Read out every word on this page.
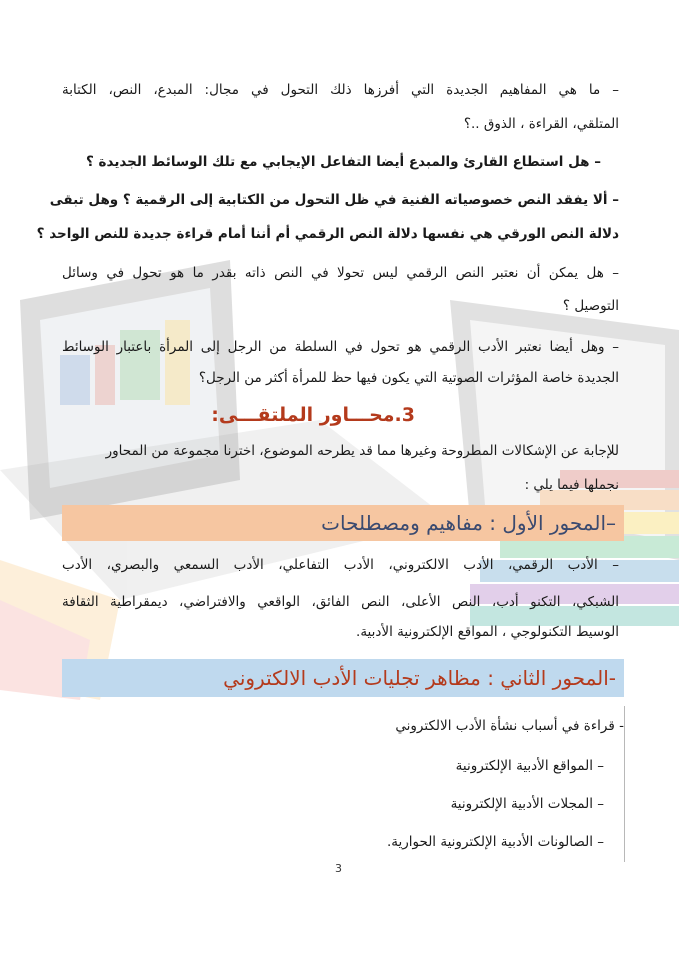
– ما هي المفاهيم الجديدة التي أفرزها ذلك التحول في مجال: المبدع، النص، الكتابة
المتلقي، القراءة ، الذوق ..؟
– هل استطاع القارئ والمبدع أيضا التفاعل الإيجابي مع تلك الوسائط الجديدة ؟
– ألا يفقد النص خصوصياته الفنية في ظل التحول من الكتابية إلى الرقمية ؟ وهل تبقى
دلالة النص الورقي هي نفسها دلالة النص الرقمي أم أننا أمام قراءة جديدة للنص الواحد ؟
– هل يمكن أن نعتبر النص الرقمي ليس تحولا في النص ذاته بقدر ما هو تحول في وسائل
التوصيل ؟
– وهل أيضا نعتبر الأدب الرقمي هو تحول في السلطة من الرجل إلى المرأة باعتبار الوسائط
الجديدة خاصة المؤثرات الصوتية التي يكون فيها حظ للمرأة أكثر من الرجل؟
3.محـــاور الملتقـــى:
للإجابة عن الإشكالات المطروحة وغيرها مما قد يطرحه الموضوع، اخترنا مجموعة من المحاور
نجملها فيما يلي :
–المحور الأول : مفاهيم ومصطلحات
– الأدب الرقمي، الأدب الالكتروني، الأدب التفاعلي، الأدب السمعي والبصري، الأدب
الشبكي، التكنو أدب، النص الأعلى، النص الفائق، الواقعي والافتراضي، ديمقراطية الثقافة
الوسيط التكنولوجي ، المواقع الإلكترونية الأدبية.
-المحور الثاني : مظاهر تجليات الأدب الالكتروني
- قراءة في أسباب نشأة الأدب الالكتروني
– المواقع الأدبية الإلكترونية
– المجلات الأدبية الإلكترونية
– الصالونات الأدبية الإلكترونية الحوارية.
3
